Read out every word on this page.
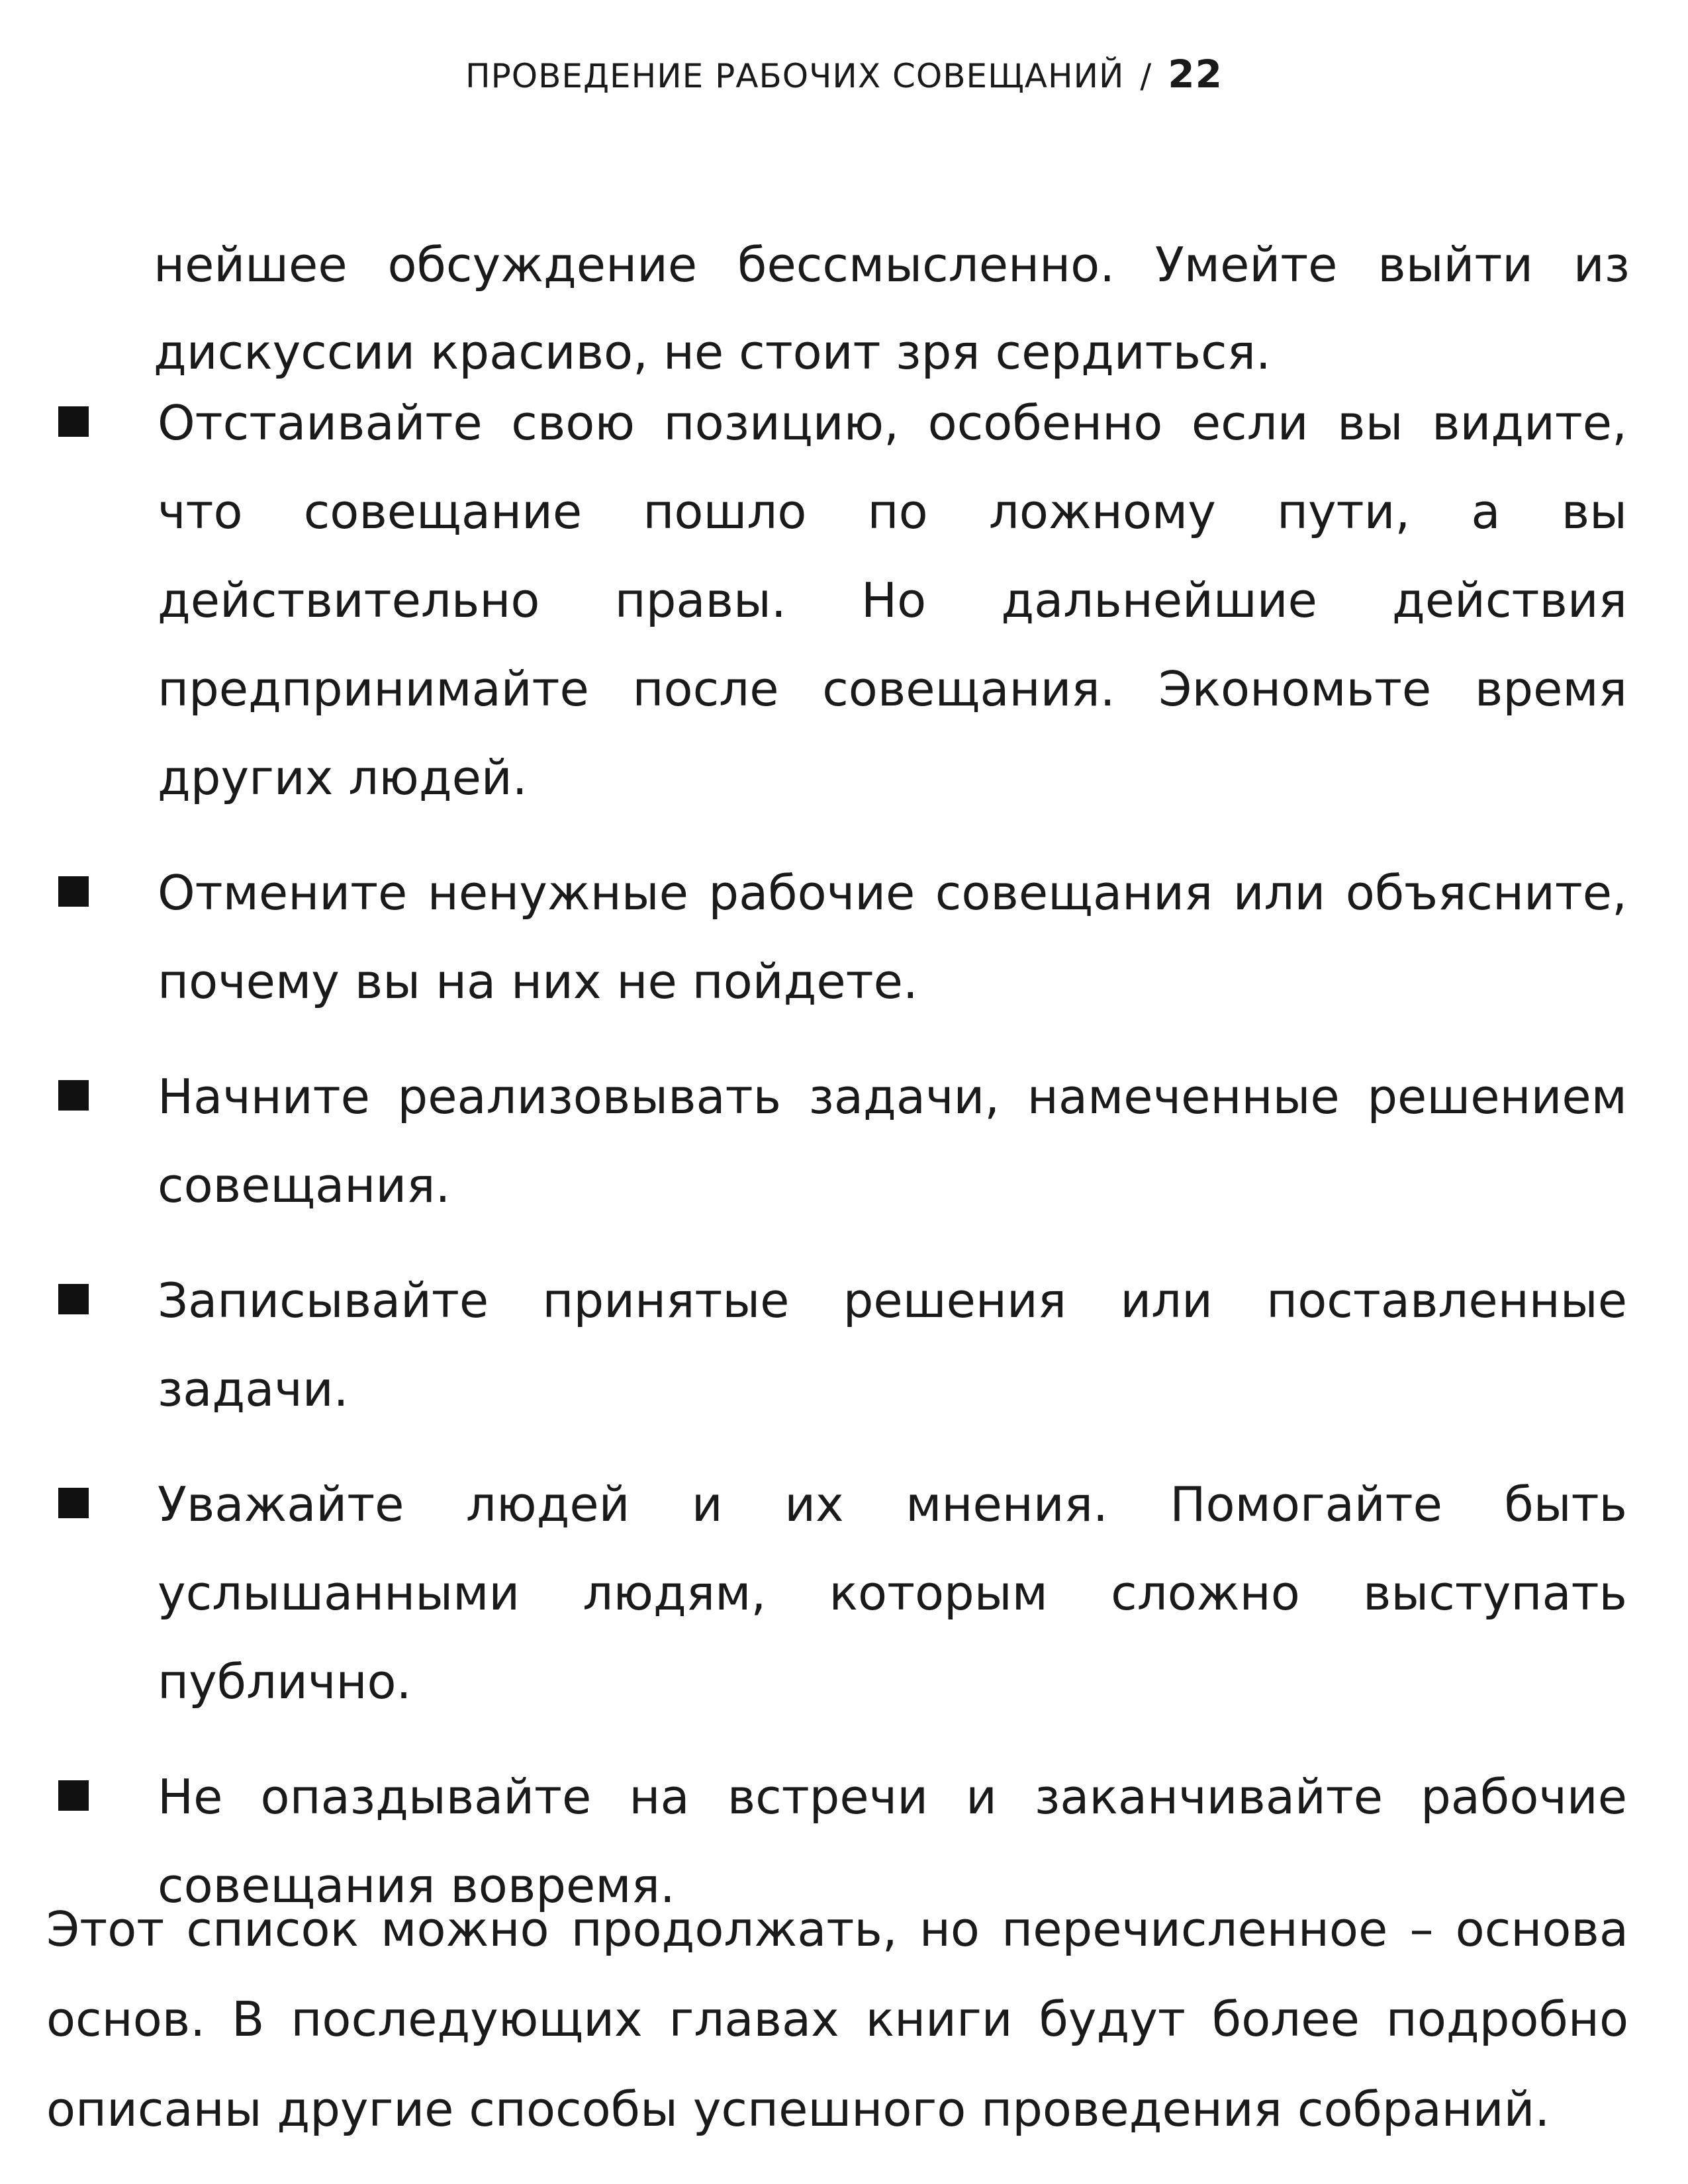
ПРОВЕДЕНИЕ РАБОЧИХ СОВЕЩАНИЙ / 22

нейшее обсуждение бессмысленно. Умейте выйти из дискуссии красиво, не стоит зря сердиться.

Отстаивайте свою позицию, особенно если вы видите, что совещание пошло по ложному пути, а вы действительно правы. Но дальнейшие действия предпринимайте после совещания. Экономьте время других людей.
Отмените ненужные рабочие совещания или объясните, почему вы на них не пойдете.
Начните реализовывать задачи, намеченные решением совещания.
Записывайте принятые решения или поставленные задачи.
Уважайте людей и их мнения. Помогайте быть услышанными людям, которым сложно выступать публично.
Не опаздывайте на встречи и заканчивайте рабочие совещания вовремя.

Этот список можно продолжать, но перечисленное – основа основ. В последующих главах книги будут более подробно описаны другие способы успешного проведения собраний.
